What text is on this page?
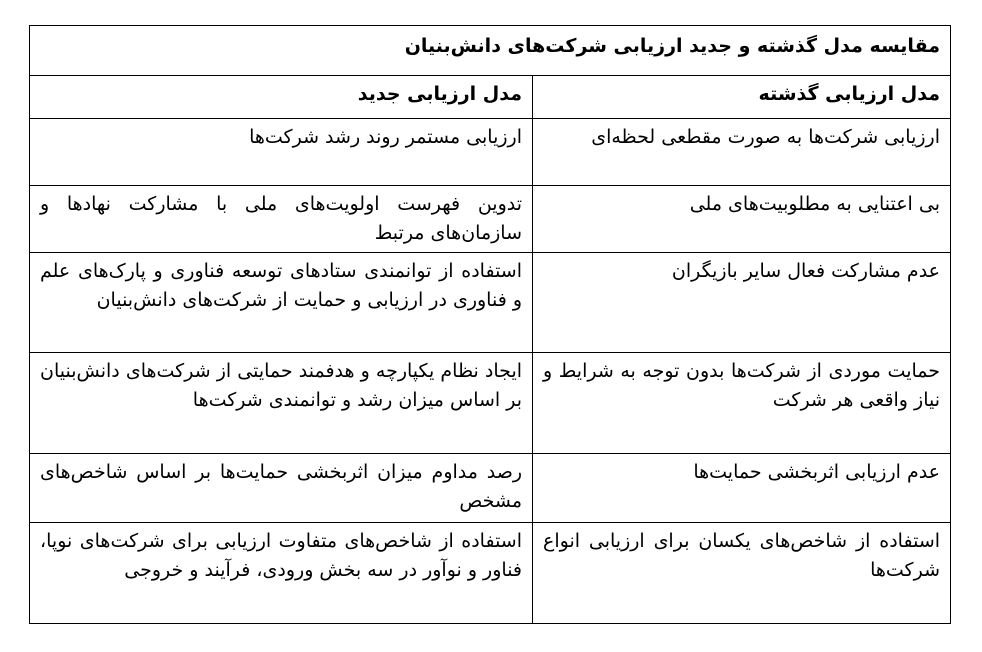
مقایسه مدل گذشته و جدید ارزیابی شرکت‌های دانش‌بنیان	
مدل ارزیابی گذشته	مدل ارزیابی جدید
ارزیابی شرکت‌ها به صورت مقطعی لحظه‌ای	ارزیابی مستمر روند رشد شرکت‌ها
بی اعتنایی به مطلوبیت‌های ملی	تدوین فهرست اولویت‌های ملی با مشارکت نهادها و سازمان‌های مرتبط
عدم مشارکت فعال سایر بازیگران	استفاده از توانمندی ستادهای توسعه فناوری و پارک‌های علم و فناوری در ارزیابی و حمایت از شرکت‌های دانش‌بنیان
حمایت موردی از شرکت‌ها بدون توجه به شرایط و نیاز واقعی هر شرکت	ایجاد نظام یکپارچه و هدفمند حمایتی از شرکت‌های دانش‌بنیان بر اساس میزان رشد و توانمندی شرکت‌ها
عدم ارزیابی اثربخشی حمایت‌ها	رصد مداوم میزان اثربخشی حمایت‌ها بر اساس شاخص‌های مشخص
استفاده از شاخص‌های یکسان برای ارزیابی انواع شرکت‌ها	استفاده از شاخص‌های متفاوت ارزیابی برای شرکت‌های نوپا، فناور و نوآور در سه بخش ورودی، فرآیند و خروجی
